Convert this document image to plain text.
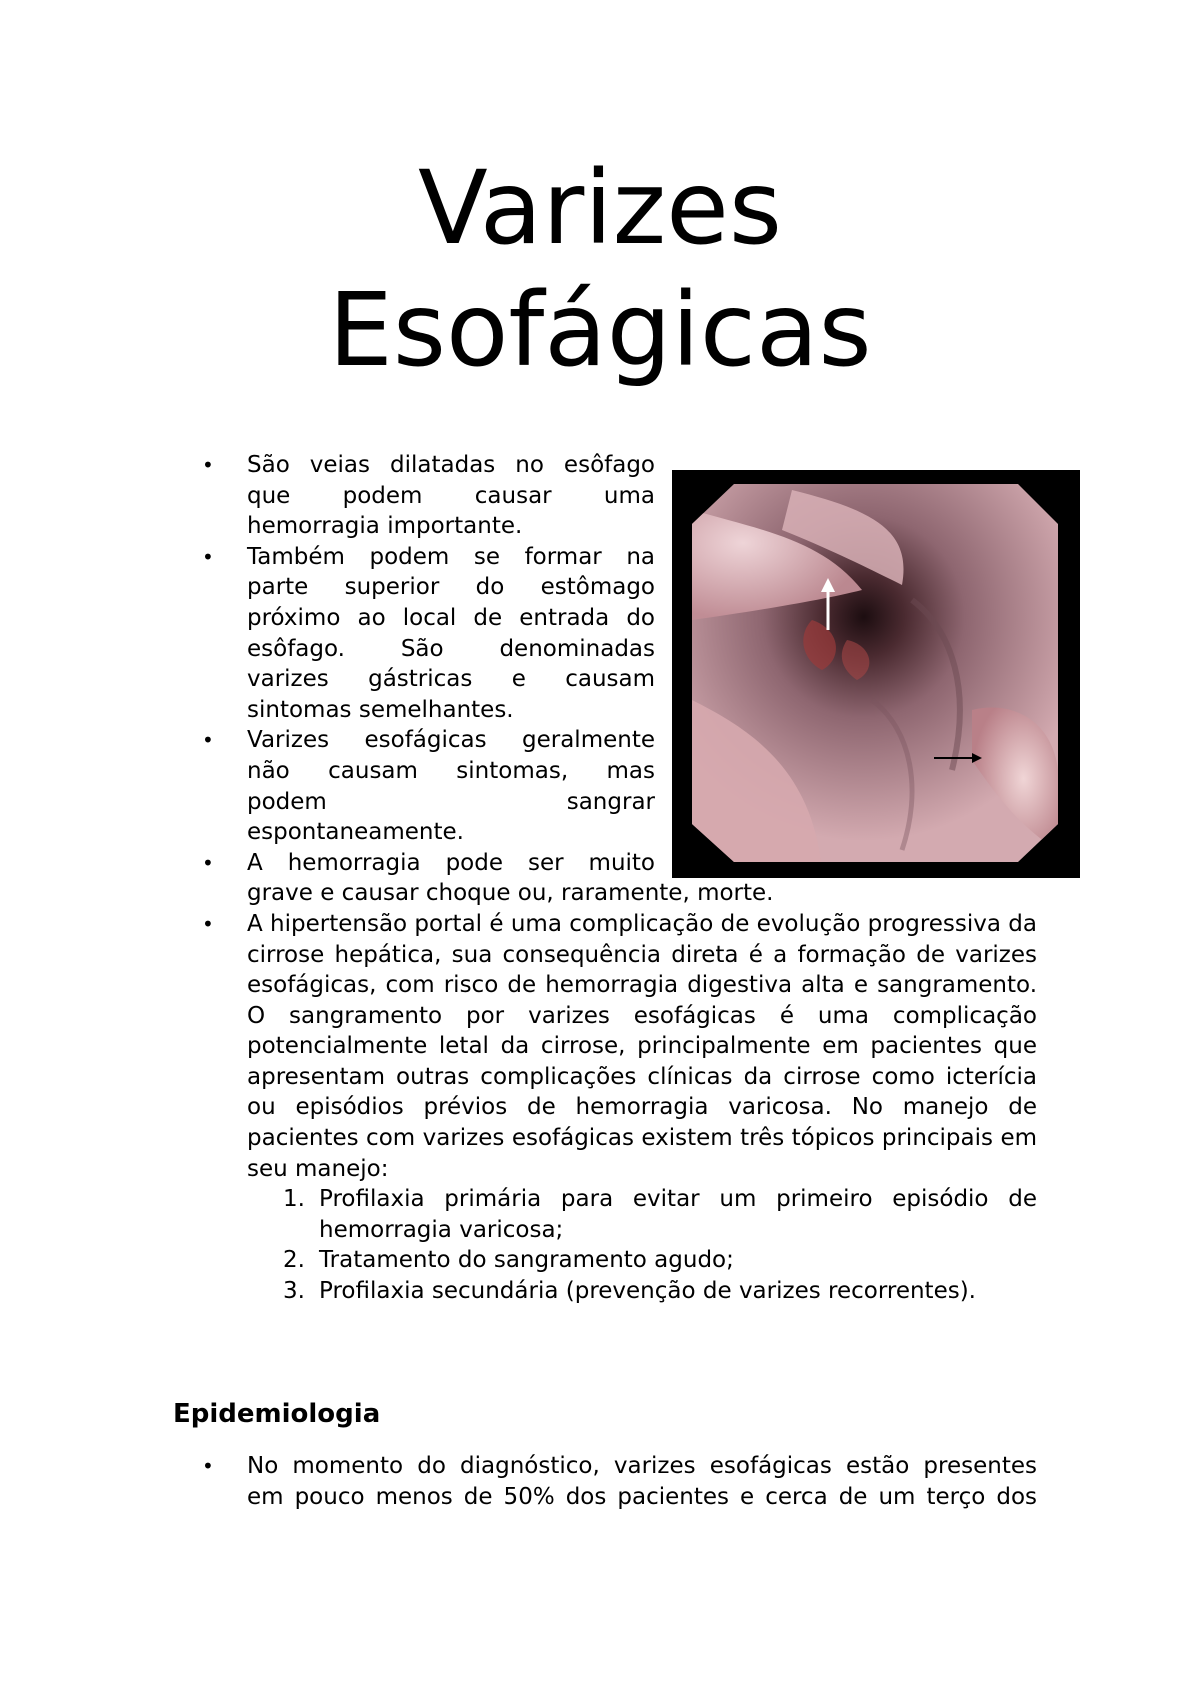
Varizes
Esofágicas
• São veias dilatadas no esôfago
que podem causar uma
hemorragia importante.
• Também podem se formar na
parte superior do estômago
próximo ao local de entrada do
esôfago. São denominadas
varizes gástricas e causam
sintomas semelhantes.
• Varizes esofágicas geralmente
não causam sintomas, mas
podem sangrar
espontaneamente.
• A hemorragia pode ser muito
grave e causar choque ou, raramente, morte.
• A hipertensão portal é uma complicação de evolução progressiva da cirrose hepática, sua consequência direta é a formação de varizes esofágicas, com risco de hemorragia digestiva alta e sangramento. O sangramento por varizes esofágicas é uma complicação potencialmente letal da cirrose, principalmente em pacientes que apresentam outras complicações clínicas da cirrose como icterícia ou episódios prévios de hemorragia varicosa. No manejo de pacientes com varizes esofágicas existem três tópicos principais em seu manejo:
1. Profilaxia primária para evitar um primeiro episódio de hemorragia varicosa;
2. Tratamento do sangramento agudo;
3. Profilaxia secundária (prevenção de varizes recorrentes).
Epidemiologia
• No momento do diagnóstico, varizes esofágicas estão presentes
em pouco menos de 50% dos pacientes e cerca de um terço dos
